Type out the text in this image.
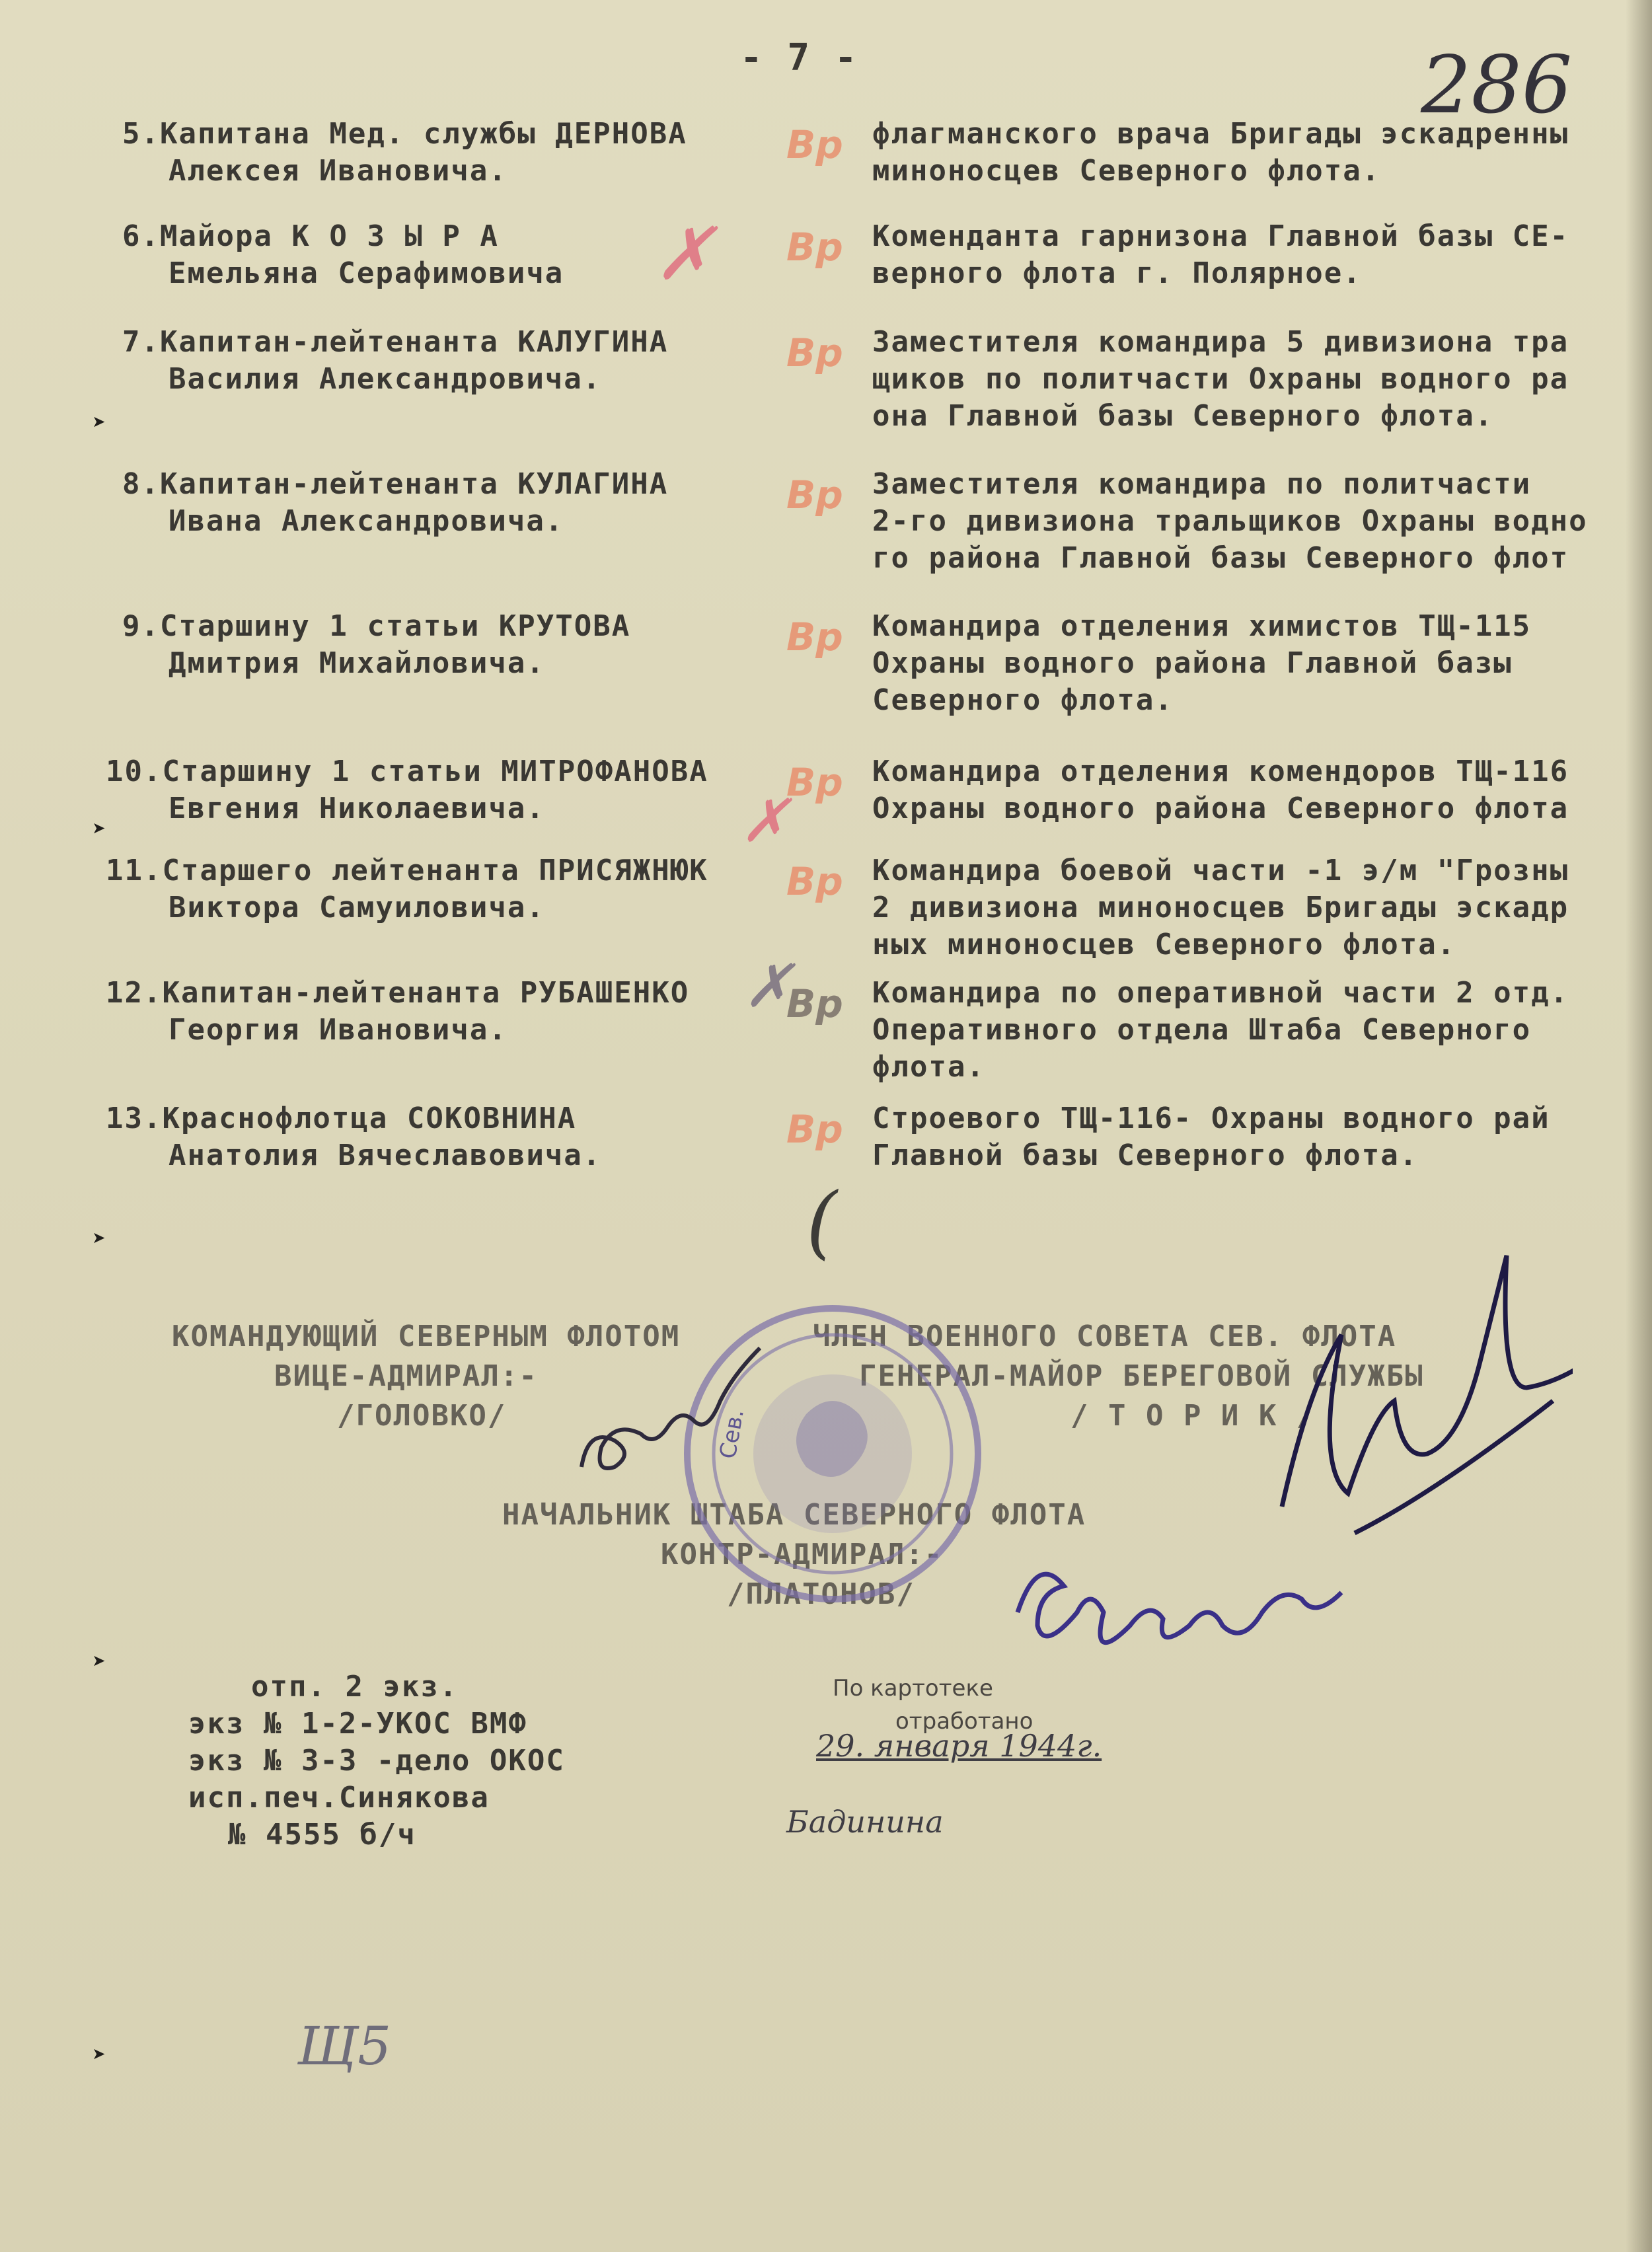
- 7 -	286
5.Капитана Мед. службы ДЕРНОВА
Алексея Ивановича.
Вр флагманского врача Бригады эскадренны
миноносцев Северного флота.
6.Майора К О З Ы Р А
Емельяна Серафимовича
Вр Коменданта гарнизона Главной базы СЕ-
верного флота г. Полярное.
7.Капитан-лейтенанта КАЛУГИНА
Василия Александровича.
Вр Заместителя командира 5 дивизиона тра
щиков по политчасти Охраны водного ра
она Главной базы Северного флота.
8.Капитан-лейтенанта КУЛАГИНА
Ивана Александровича.
Вр Заместителя командира по политчасти
2-го дивизиона тральщиков Охраны водно
го района Главной базы Северного флот
9.Старшину 1 статьи КРУТОВА
Дмитрия Михайловича.
Вр Командира отделения химистов ТЩ-115
Охраны водного района Главной базы
Северного флота.
10.Старшину 1 статьи МИТРОФАНОВА
Евгения Николаевича.
Вр Командира отделения комендоров ТЩ-116
Охраны водного района Северного флота
11.Старшего лейтенанта ПРИСЯЖНЮК
Виктора Самуиловича.
Вр Командира боевой части -1 э/м "Грозны
2 дивизиона миноносцев Бригады эскадр
ных миноносцев Северного флота.
12.Капитан-лейтенанта РУБАШЕНКО
Георгия Ивановича.
Вр Командира по оперативной части 2 отд.
Оперативного отдела Штаба Северного
флота.
13.Краснофлотца СОКОВНИНА
Анатолия Вячеславовича.
Вр Строевого ТЩ-116- Охраны водного рай
Главной базы Северного флота.
✗
✗
✗
(
КОМАНДУЮЩИЙ СЕВЕРНЫМ ФЛОТОМ
ВИЦЕ-АДМИРАЛ:-
/ГОЛОВКО/
ЧЛЕН ВОЕННОГО СОВЕТА СЕВ. ФЛОТА
ГЕНЕРАЛ-МАЙОР БЕРЕГОВОЙ СЛУЖБЫ
/ Т О Р И К /
НАЧАЛЬНИК ШТАБА СЕВЕРНОГО ФЛОТА
КОНТР-АДМИРАЛ:-
/ПЛАТОНОВ/
Сев.
отп. 2 экз.
экз № 1-2-УКОС ВМФ
экз № 3-3 -дело ОКОС
исп.печ.Синякова
№ 4555 б/ч
По картотеке
отработано
29. января 1944г.
Бадинина
Щ5
➤
➤
➤
➤
➤
